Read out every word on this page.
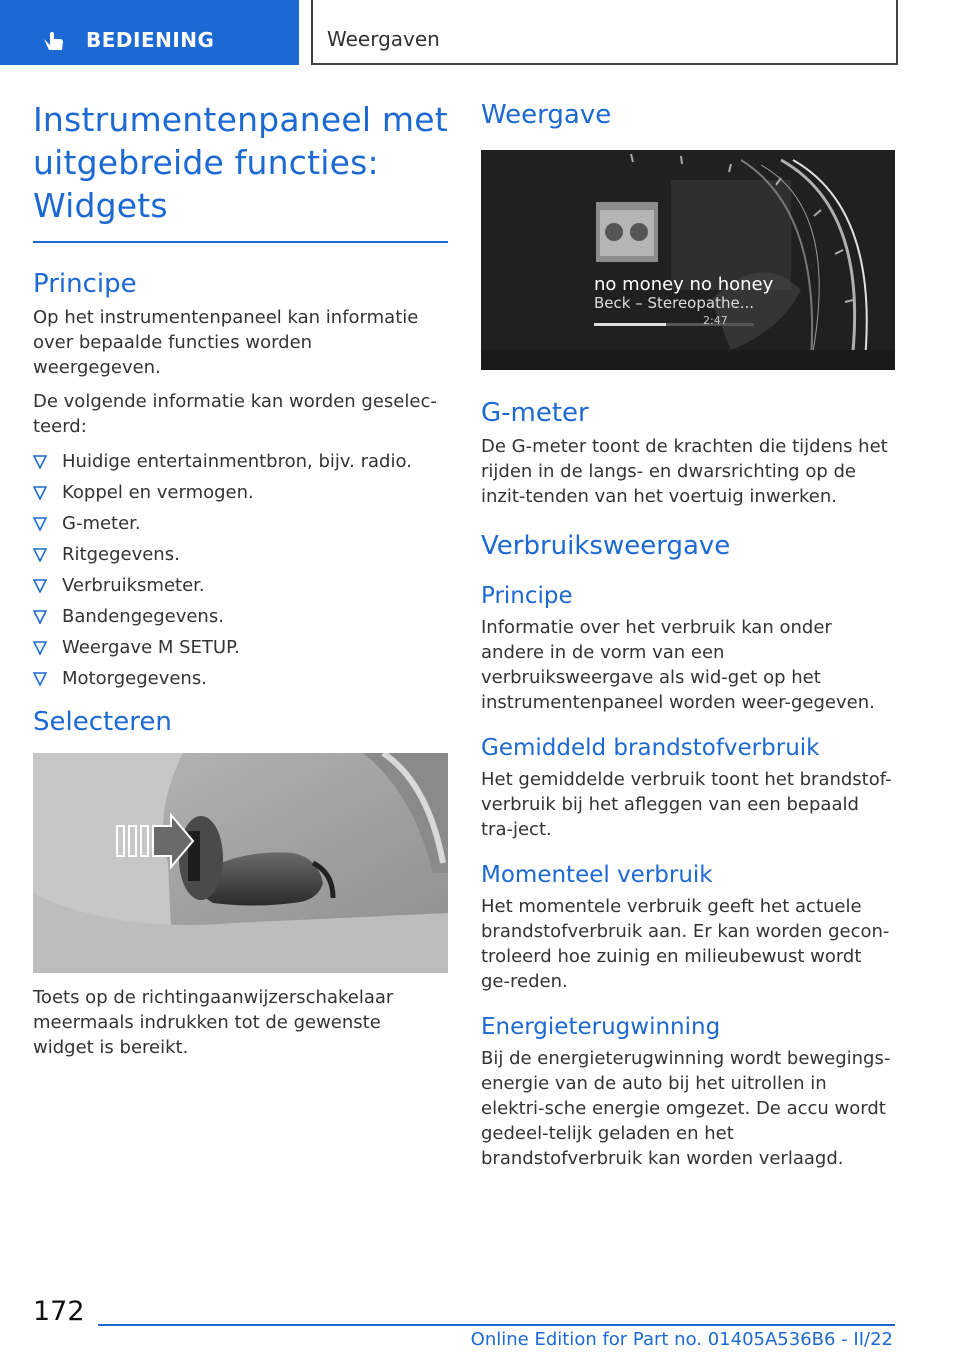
BEDIENING	Weergaven
Instrumentenpaneel met
uitgebreide functies:
Widgets
Principe

Op het instrumentenpaneel kan informatie over bepaalde functies worden weergegeven.

De volgende informatie kan worden geselec-teerd:

Huidige entertainmentbron, bijv. radio.
Koppel en vermogen.
G-meter.
Ritgegevens.
Verbruiksmeter.
Bandengegevens.
Weergave M SETUP.
Motorgegevens.
Selecteren

Toets op de richtingaanwijzerschakelaar meermaals indrukken tot de gewenste widget is bereikt.

Weergave
no money no honey
Beck – Stereopathe...
2:47
G-meter

De G-meter toont de krachten die tijdens het rijden in de langs- en dwarsrichting op de inzit-tenden van het voertuig inwerken.

Verbruiksweergave
Principe

Informatie over het verbruik kan onder andere in de vorm van een verbruiksweergave als wid-get op het instrumentenpaneel worden weer-gegeven.

Gemiddeld brandstofverbruik

Het gemiddelde verbruik toont het brandstof-verbruik bij het afleggen van een bepaald tra-ject.

Momenteel verbruik

Het momentele verbruik geeft het actuele brandstofverbruik aan. Er kan worden gecon-troleerd hoe zuinig en milieubewust wordt ge-reden.

Energieterugwinning

Bij de energieterugwinning wordt bewegings-energie van de auto bij het uitrollen in elektri-sche energie omgezet. De accu wordt gedeel-telijk geladen en het brandstofverbruik kan worden verlaagd.

172
Online Edition for Part no. 01405A536B6 - II/22
